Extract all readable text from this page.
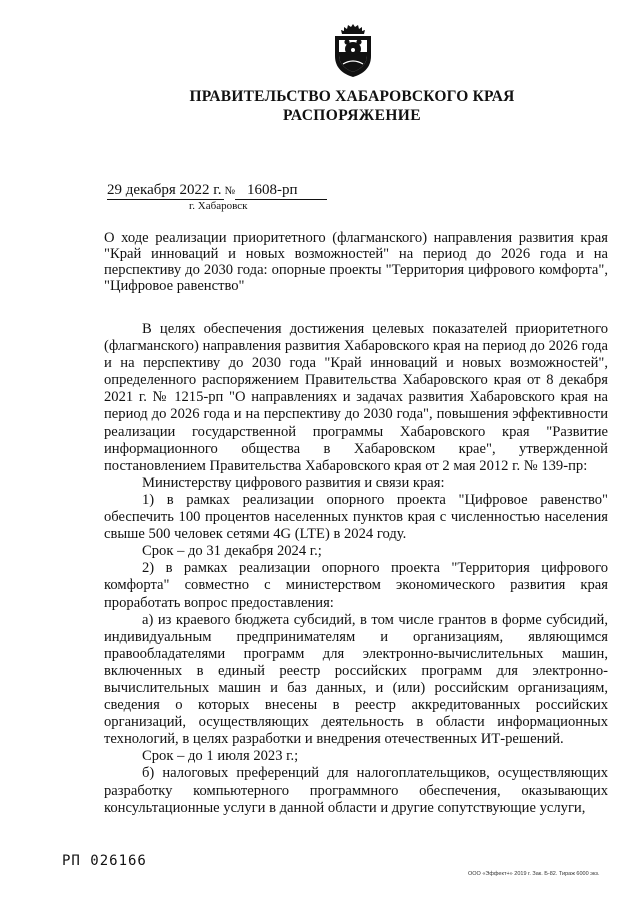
ПРАВИТЕЛЬСТВО ХАБАРОВСКОГО КРАЯ
РАСПОРЯЖЕНИЕ
29 декабря 2022 г. № 1608-рп
г. Хабаровск
О ходе реализации приоритетного (флагманского) направления развития края "Край инноваций и новых возможностей" на период до 2026 года и на перспективу до 2030 года: опорные проекты "Территория цифрового комфорта", "Цифровое равенство"

В целях обеспечения достижения целевых показателей приоритетного (флагманского) направления развития Хабаровского края на период до 2026 года и на перспективу до 2030 года "Край инноваций и новых возможностей", определенного распоряжением Правительства Хабаровского края от 8 декабря 2021 г. № 1215-рп "О направлениях и задачах развития Хабаровского края на период до 2026 года и на перспективу до 2030 года", повышения эффективности реализации государственной программы Хабаровского края "Развитие информационного общества в Хабаровском крае", утвержденной постановлением Правительства Хабаровского края от 2 мая 2012 г. № 139-пр:

Министерству цифрового развития и связи края:

1) в рамках реализации опорного проекта "Цифровое равенство" обеспечить 100 процентов населенных пунктов края с численностью населения свыше 500 человек сетями 4G (LTE) в 2024 году.

Срок – до 31 декабря 2024 г.;

2) в рамках реализации опорного проекта "Территория цифрового комфорта" совместно с министерством экономического развития края проработать вопрос предоставления:

а) из краевого бюджета субсидий, в том числе грантов в форме субсидий, индивидуальным предпринимателям и организациям, являющимся правообладателями программ для электронно-вычислительных машин, включенных в единый реестр российских программ для электронно-вычислительных машин и баз данных, и (или) российским организациям, сведения о которых внесены в реестр аккредитованных российских организаций, осуществляющих деятельность в области информационных технологий, в целях разработки и внедрения отечественных ИТ-решений.

Срок – до 1 июля 2023 г.;

б) налоговых преференций для налогоплательщиков, осуществляющих разработку компьютерного программного обеспечения, оказывающих консультационные услуги в данной области и другие сопутствующие услуги,

РП 026166
ООО «Эффект+» 2019 г. Зак. Б-82. Тираж 6000 экз.
